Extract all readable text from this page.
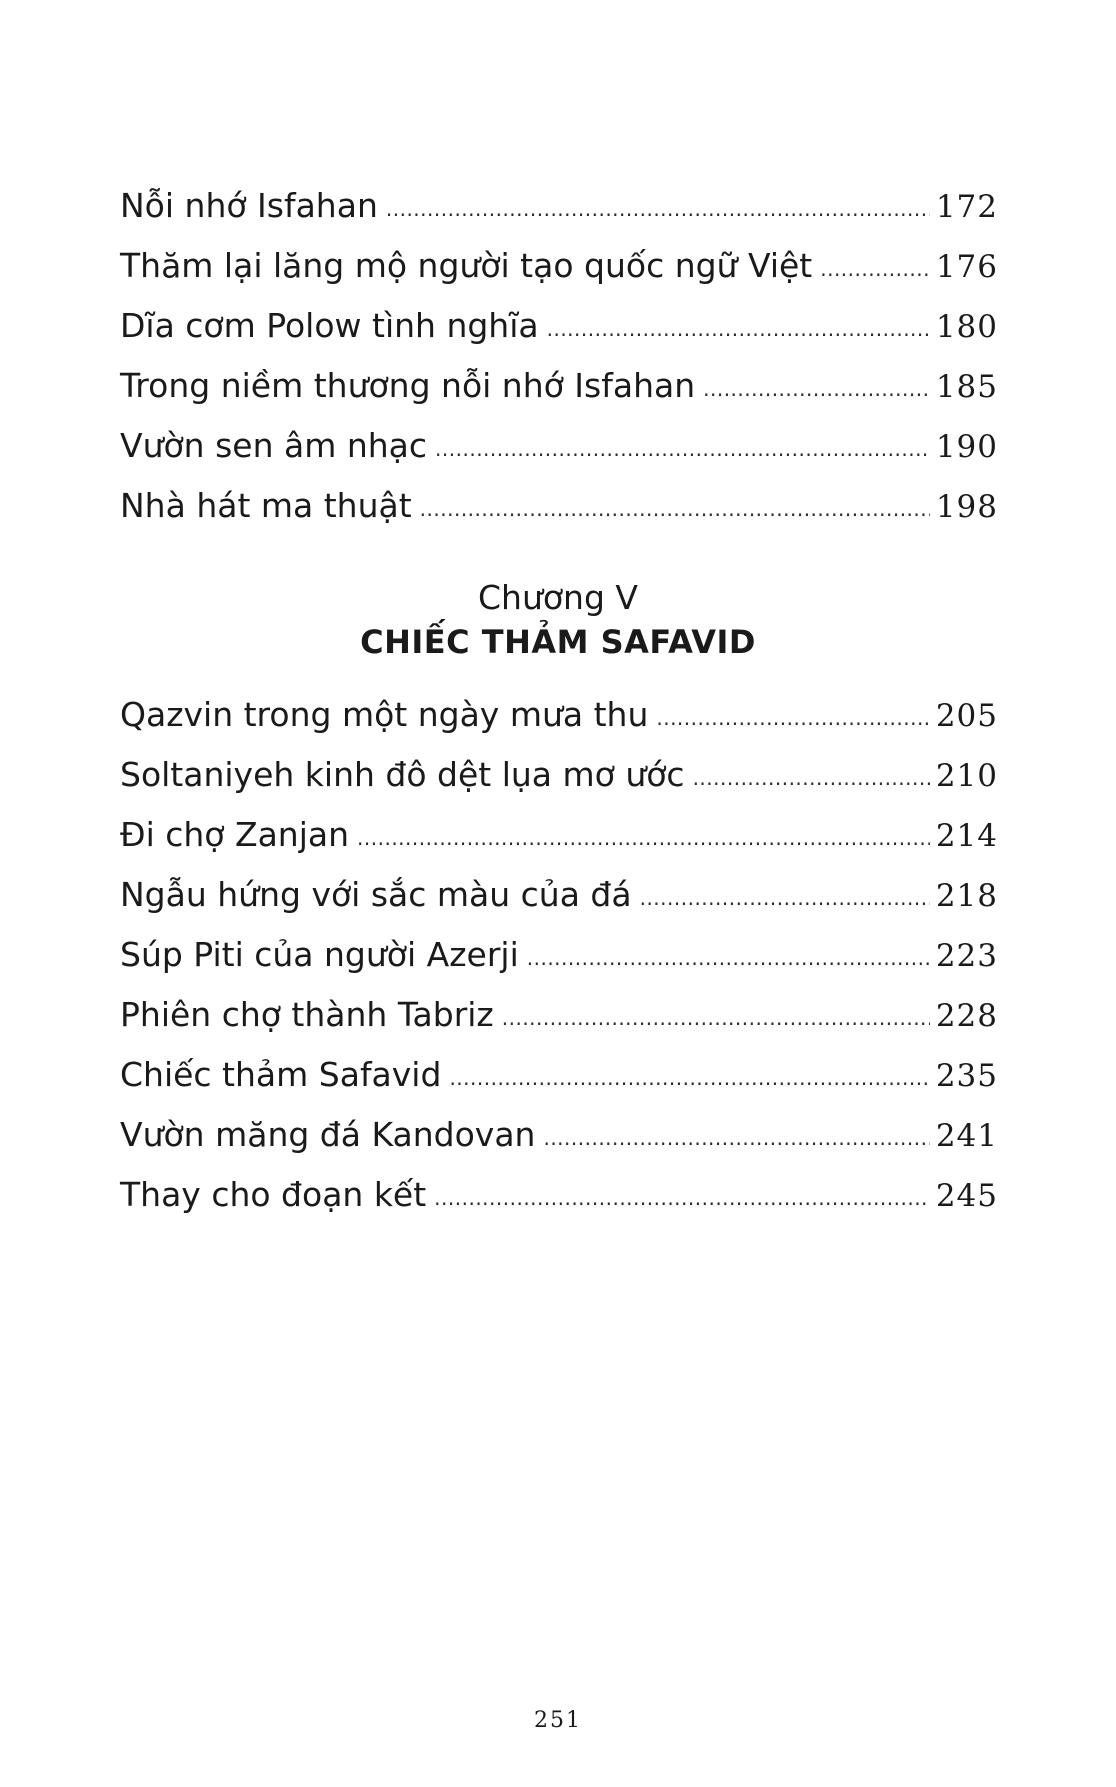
Nỗi nhớ Isfahan .....	172
Thăm lại lăng mộ người tạo quốc ngữ Việt .....	176
Dĩa cơm Polow tình nghĩa .....	180
Trong niềm thương nỗi nhớ Isfahan .....	185
Vườn sen âm nhạc .....	190
Nhà hát ma thuật .....	198
Chương V
CHIẾC THẢM SAFAVID
Qazvin trong một ngày mưa thu .....	205
Soltaniyeh kinh đô dệt lụa mơ ước .....	210
Đi chợ Zanjan .....	214
Ngẫu hứng với sắc màu của đá .....	218
Súp Piti của người Azerji .....	223
Phiên chợ thành Tabriz .....	228
Chiếc thảm Safavid .....	235
Vườn măng đá Kandovan .....	241
Thay cho đoạn kết .....	245
251
